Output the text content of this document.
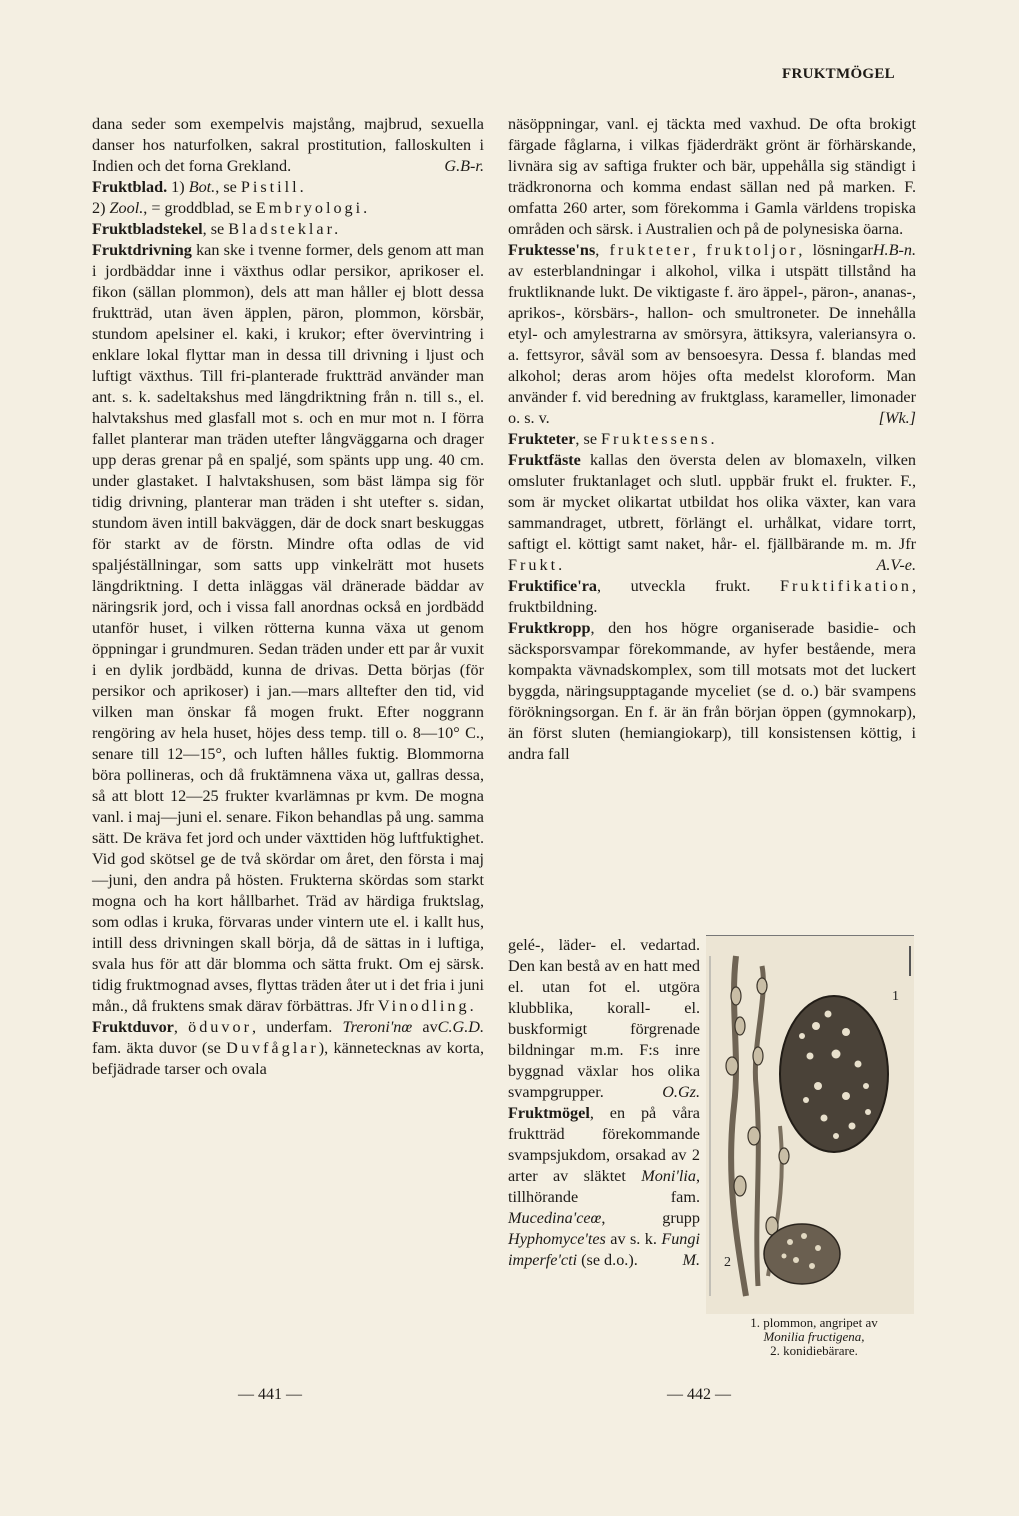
FRUKTMÖGEL

dana seder som exempelvis majstång, majbrud, sexuella danser hos naturfolken, sakral prostitution, falloskulten i Indien och det forna Grekland.	G.B-r.

Fruktblad. 1) Bot., se Pistill.

2) Zool., = groddblad, se Embryologi.

Fruktbladstekel, se Bladsteklar.

Fruktdrivning kan ske i tvenne former, dels genom att man i jordbäddar inne i växthus odlar persikor, aprikoser el. fikon (sällan plommon), dels att man håller ej blott dessa fruktträd, utan även äpplen, päron, plommon, körsbär, stundom apelsiner el. kaki, i krukor; efter övervintring i enklare lokal flyttar man in dessa till drivning i ljust och luftigt växthus. Till fri-planterade fruktträd använder man ant. s. k. sadeltakshus med längdriktning från n. till s., el. halvtakshus med glasfall mot s. och en mur mot n. I förra fallet planterar man träden utefter långväggarna och drager upp deras grenar på en spaljé, som spänts upp ung. 40 cm. under glastaket. I halvtakshusen, som bäst lämpa sig för tidig drivning, planterar man träden i sht utefter s. sidan, stundom även intill bakväggen, där de dock snart beskuggas för starkt av de förstn. Mindre ofta odlas de vid spaljéställningar, som satts upp vinkelrätt mot husets längdriktning. I detta inläggas väl dränerade bäddar av näringsrik jord, och i vissa fall anordnas också en jordbädd utanför huset, i vilken rötterna kunna växa ut genom öppningar i grundmuren. Sedan träden under ett par år vuxit i en dylik jordbädd, kunna de drivas. Detta börjas (för persikor och aprikoser) i jan.—mars alltefter den tid, vid vilken man önskar få mogen frukt. Efter noggrann rengöring av hela huset, höjes dess temp. till o. 8—10° C., senare till 12—15°, och luften hålles fuktig. Blommorna böra pollineras, och då fruktämnena växa ut, gallras dessa, så att blott 12—25 frukter kvarlämnas pr kvm. De mogna vanl. i maj—juni el. senare. Fikon behandlas på ung. samma sätt. De kräva fet jord och under växttiden hög luftfuktighet. Vid god skötsel ge de två skördar om året, den första i maj—juni, den andra på hösten. Frukterna skördas som starkt mogna och ha kort hållbarhet. Träd av härdiga fruktslag, som odlas i kruka, förvaras under vintern ute el. i kallt hus, intill dess drivningen skall börja, då de sättas in i luftiga, svala hus för att där blomma och sätta frukt. Om ej särsk. tidig fruktmognad avses, flyttas träden åter ut i det fria i juni mån., då fruktens smak därav förbättras. Jfr Vinodling.
C.G.D.

Fruktduvor, öduvor, underfam. Treroni'nœ av fam. äkta duvor (se Duvfåglar), kännetecknas av korta, befjädrade tarser och ovala

näsöppningar, vanl. ej täckta med vaxhud. De ofta brokigt färgade fåglarna, i vilkas fjäderdräkt grönt är förhärskande, livnära sig av saftiga frukter och bär, uppehålla sig ständigt i trädkronorna och komma endast sällan ned på marken. F. omfatta 260 arter, som förekomma i Gamla världens tropiska områden och särsk. i Australien och på de polynesiska öarna.
H.B-n.

Fruktesse'ns, frukteter, fruktoljor, lösningar av esterblandningar i alkohol, vilka i utspätt tillstånd ha fruktliknande lukt. De viktigaste f. äro äppel-, päron-, ananas-, aprikos-, körsbärs-, hallon- och smultroneter. De innehålla etyl- och amylestrarna av smörsyra, ättiksyra, valeriansyra o. a. fettsyror, såväl som av bensoesyra. Dessa f. blandas med alkohol; deras arom höjes ofta medelst kloroform. Man använder f. vid beredning av fruktglass, karameller, limonader o. s. v.	[Wk.]

Frukteter, se Fruktessens.

Fruktfäste kallas den översta delen av blomaxeln, vilken omsluter fruktanlaget och slutl. uppbär frukt el. frukter. F., som är mycket olikartat utbildat hos olika växter, kan vara sammandraget, utbrett, förlängt el. urhålkat, vidare torrt, saftigt el. köttigt samt naket, hår- el. fjällbärande m. m. Jfr Frukt.	A.V-e.

Fruktifice'ra, utveckla frukt. Fruktifikation, fruktbildning.

Fruktkropp, den hos högre organiserade basidie- och säcksporsvampar förekommande, av hyfer bestående, mera kompakta vävnadskomplex, som till motsats mot det luckert byggda, näringsupptagande myceliet (se d. o.) bär svampens förökningsorgan. En f. är än från början öppen (gymnokarp), än först sluten (hemiangiokarp), till konsistensen köttig, i andra fall

gelé-, läder- el. vedartad. Den kan bestå av en hatt med el. utan fot el. utgöra klubblika, korall- el. buskformigt förgrenade bildningar m.m. F:s inre byggnad växlar hos olika svampgrupper.	O.Gz.

Fruktmögel, en på våra fruktträd förekommande svampsjukdom, orsakad av 2 arter av släktet Moni'lia, tillhörande fam. Mucedina'ceœ, grupp Hyphomyce'tes av s. k. Fungi imperfe'cti (se d.o.).	M.

1
2
1. plommon, angripet av
Monilia fructigena,
2. konidiebärare.
— 441 —	— 442 —
